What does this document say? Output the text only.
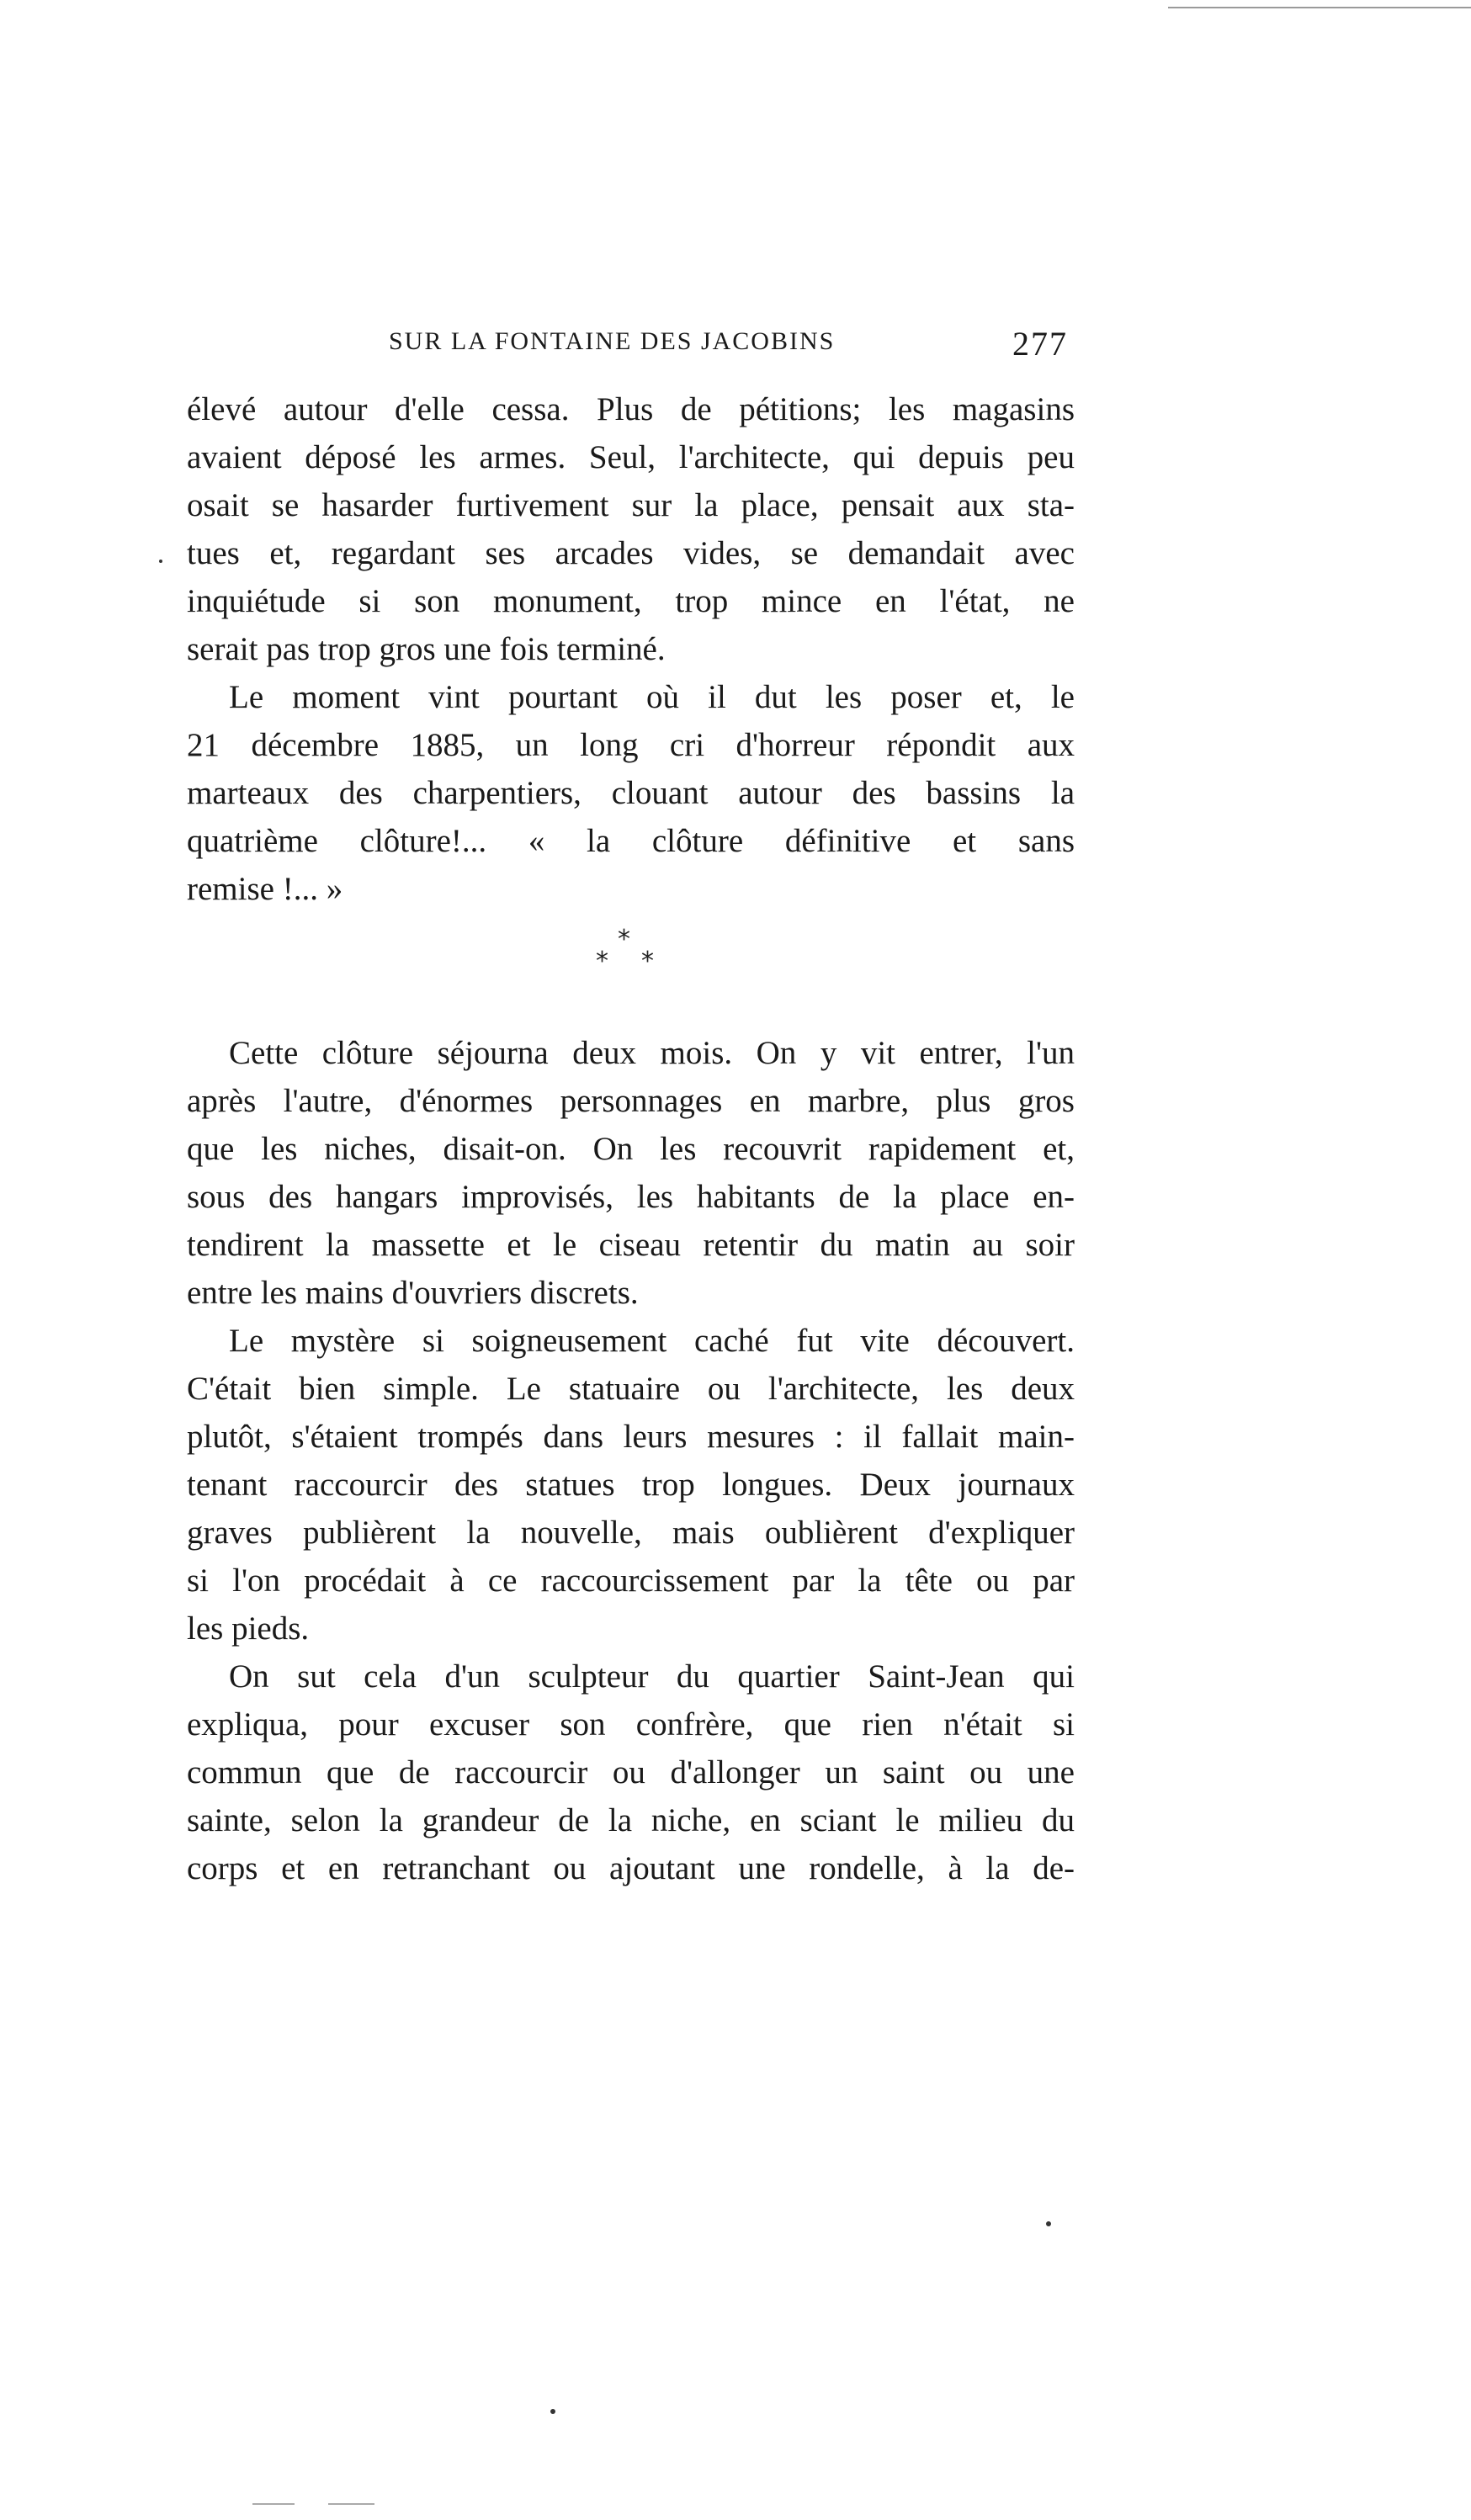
SUR LA FONTAINE DES JACOBINS	277

élevé autour d'elle cessa. Plus de pétitions; les magasins
avaient déposé les armes. Seul, l'architecte, qui depuis peu
osait se hasarder furtivement sur la place, pensait aux sta-
tues et, regardant ses arcades vides, se demandait avec
inquiétude si son monument, trop mince en l'état, ne
serait pas trop gros une fois terminé.

Le moment vint pourtant où il dut les poser et, le
21 décembre 1885, un long cri d'horreur répondit aux
marteaux des charpentiers, clouant autour des bassins la
quatrième clôture!... « la clôture définitive et sans
remise !... »

*
* *

Cette clôture séjourna deux mois. On y vit entrer, l'un
après l'autre, d'énormes personnages en marbre, plus gros
que les niches, disait-on. On les recouvrit rapidement et,
sous des hangars improvisés, les habitants de la place en-
tendirent la massette et le ciseau retentir du matin au soir
entre les mains d'ouvriers discrets.

Le mystère si soigneusement caché fut vite découvert.
C'était bien simple. Le statuaire ou l'architecte, les deux
plutôt, s'étaient trompés dans leurs mesures : il fallait main-
tenant raccourcir des statues trop longues. Deux journaux
graves publièrent la nouvelle, mais oublièrent d'expliquer
si l'on procédait à ce raccourcissement par la tête ou par
les pieds.

On sut cela d'un sculpteur du quartier Saint-Jean qui
expliqua, pour excuser son confrère, que rien n'était si
commun que de raccourcir ou d'allonger un saint ou une
sainte, selon la grandeur de la niche, en sciant le milieu du
corps et en retranchant ou ajoutant une rondelle, à la de-
